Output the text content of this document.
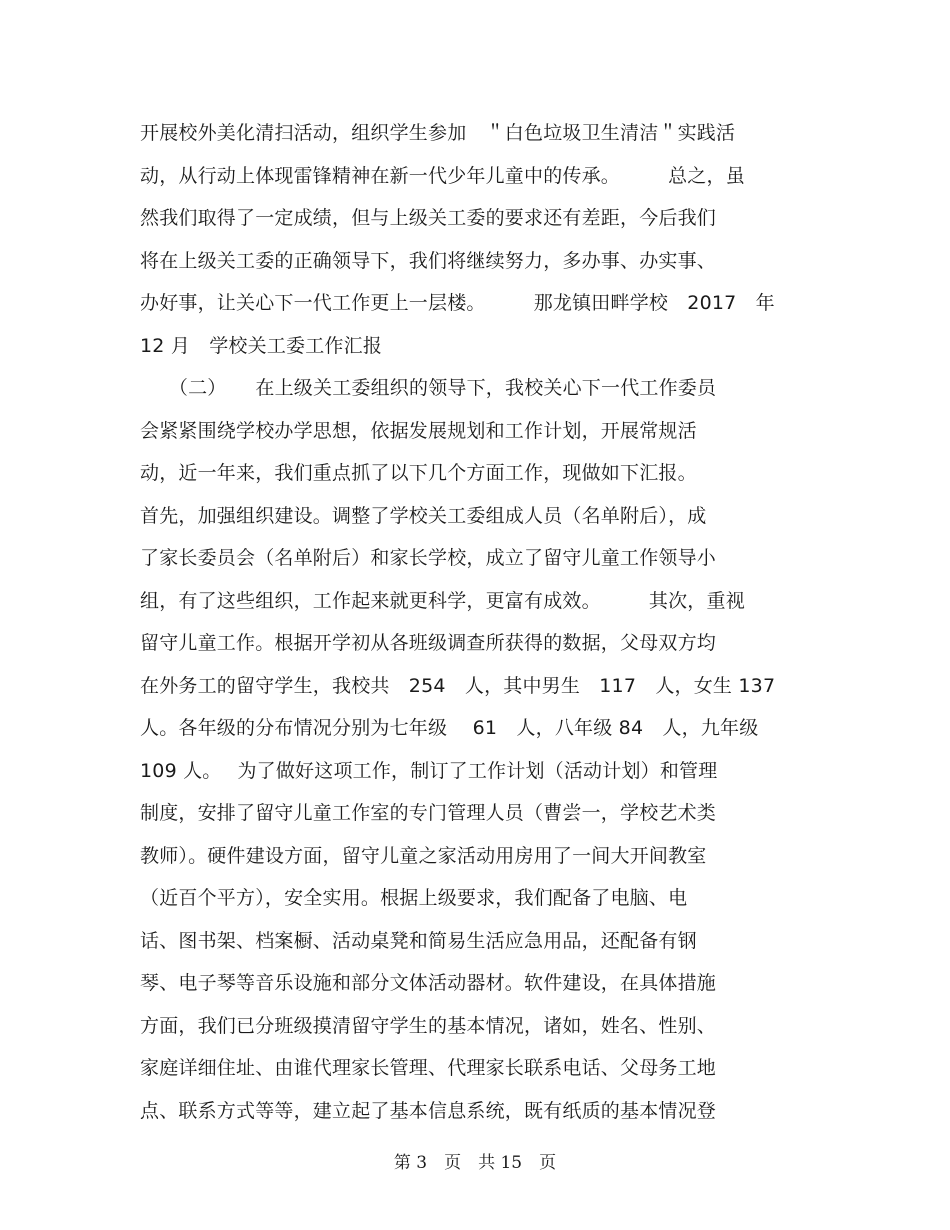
开展校外美化清扫活动，组织学生参加　＂白色垃圾卫生清洁＂实践活
动，从行动上体现雷锋精神在新一代少年儿童中的传承。　　　总之，虽
然我们取得了一定成绩，但与上级关工委的要求还有差距，今后我们
将在上级关工委的正确领导下，我们将继续努力，多办事、办实事、
办好事，让关心下一代工作更上一层楼。　　　那龙镇田畔学校　2017　年
12 月　学校关工委工作汇报
　　（二）　　在上级关工委组织的领导下，我校关心下一代工作委员
会紧紧围绕学校办学思想，依据发展规划和工作计划，开展常规活
动，近一年来，我们重点抓了以下几个方面工作，现做如下汇报。
首先，加强组织建设。调整了学校关工委组成人员（名单附后），成
了家长委员会（名单附后）和家长学校，成立了留守儿童工作领导小
组，有了这些组织，工作起来就更科学，更富有成效。　　　其次，重视
留守儿童工作。根据开学初从各班级调查所获得的数据，父母双方均
在外务工的留守学生，我校共　254　人，其中男生　117　人，女生 137
人。各年级的分布情况分别为七年级　 61　人，八年级 84　人，九年级
109 人。　 为了做好这项工作，制订了工作计划（活动计划）和管理
制度，安排了留守儿童工作室的专门管理人员（曹尝一，学校艺术类
教师）。硬件建设方面，留守儿童之家活动用房用了一间大开间教室
（近百个平方），安全实用。根据上级要求，我们配备了电脑、电
话、图书架、档案橱、活动桌凳和简易生活应急用品，还配备有钢
琴、电子琴等音乐设施和部分文体活动器材。软件建设，在具体措施
方面，我们已分班级摸清留守学生的基本情况，诸如，姓名、性别、
家庭详细住址、由谁代理家长管理、代理家长联系电话、父母务工地
点、联系方式等等，建立起了基本信息系统，既有纸质的基本情况登
第 3　页　共 15　页
